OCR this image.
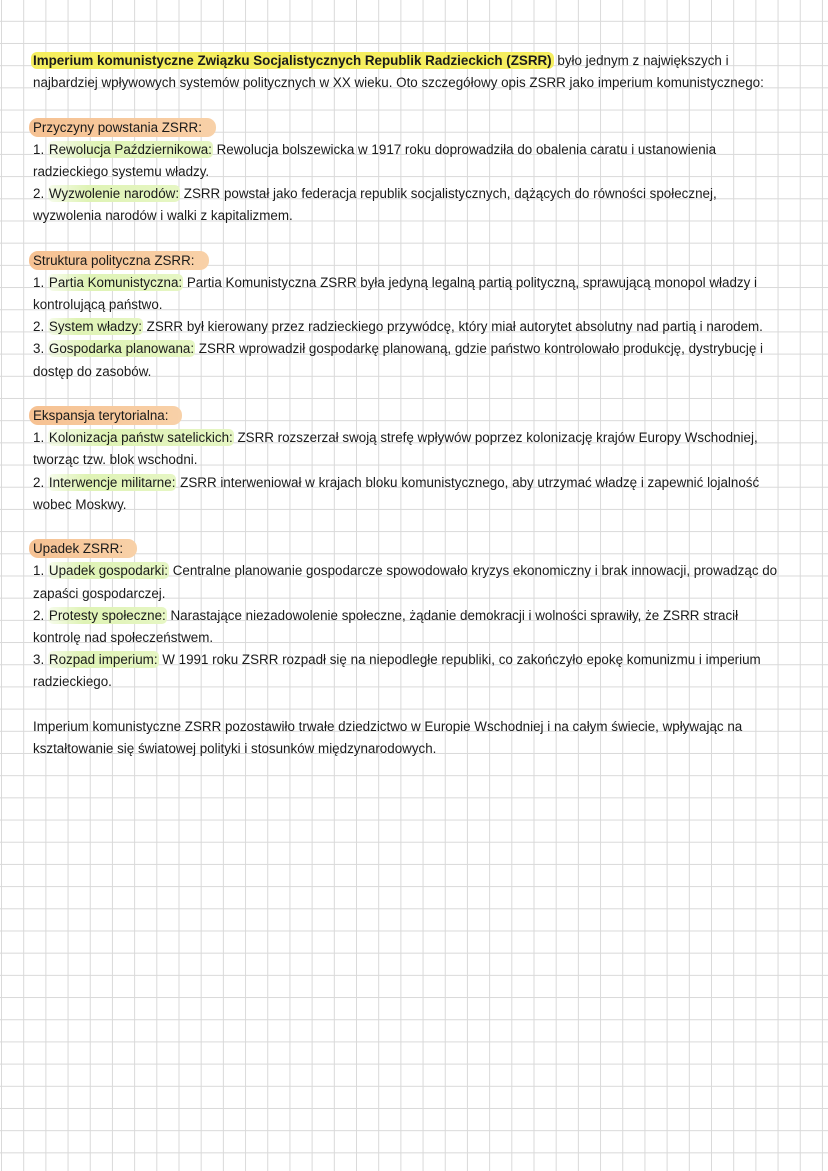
Imperium komunistyczne Związku Socjalistycznych Republik Radzieckich (ZSRR) było jednym z największych i
najbardziej wpływowych systemów politycznych w XX wieku. Oto szczegółowy opis ZSRR jako imperium komunistycznego:
Przyczyny powstania ZSRR:
1. Rewolucja Październikowa: Rewolucja bolszewicka w 1917 roku doprowadziła do obalenia caratu i ustanowienia
radzieckiego systemu władzy.
2. Wyzwolenie narodów: ZSRR powstał jako federacja republik socjalistycznych, dążących do równości społecznej,
wyzwolenia narodów i walki z kapitalizmem.
Struktura polityczna ZSRR:
1. Partia Komunistyczna: Partia Komunistyczna ZSRR była jedyną legalną partią polityczną, sprawującą monopol władzy i
kontrolującą państwo.
2. System władzy: ZSRR był kierowany przez radzieckiego przywódcę, który miał autorytet absolutny nad partią i narodem.
3. Gospodarka planowana: ZSRR wprowadził gospodarkę planowaną, gdzie państwo kontrolowało produkcję, dystrybucję i
dostęp do zasobów.
Ekspansja terytorialna:
1. Kolonizacja państw satelickich: ZSRR rozszerzał swoją strefę wpływów poprzez kolonizację krajów Europy Wschodniej,
tworząc tzw. blok wschodni.
2. Interwencje militarne: ZSRR interweniował w krajach bloku komunistycznego, aby utrzymać władzę i zapewnić lojalność
wobec Moskwy.
Upadek ZSRR:
1. Upadek gospodarki: Centralne planowanie gospodarcze spowodowało kryzys ekonomiczny i brak innowacji, prowadząc do
zapaści gospodarczej.
2. Protesty społeczne: Narastające niezadowolenie społeczne, żądanie demokracji i wolności sprawiły, że ZSRR stracił
kontrolę nad społeczeństwem.
3. Rozpad imperium: W 1991 roku ZSRR rozpadł się na niepodległe republiki, co zakończyło epokę komunizmu i imperium
radzieckiego.
Imperium komunistyczne ZSRR pozostawiło trwałe dziedzictwo w Europie Wschodniej i na całym świecie, wpływając na
kształtowanie się światowej polityki i stosunków międzynarodowych.
